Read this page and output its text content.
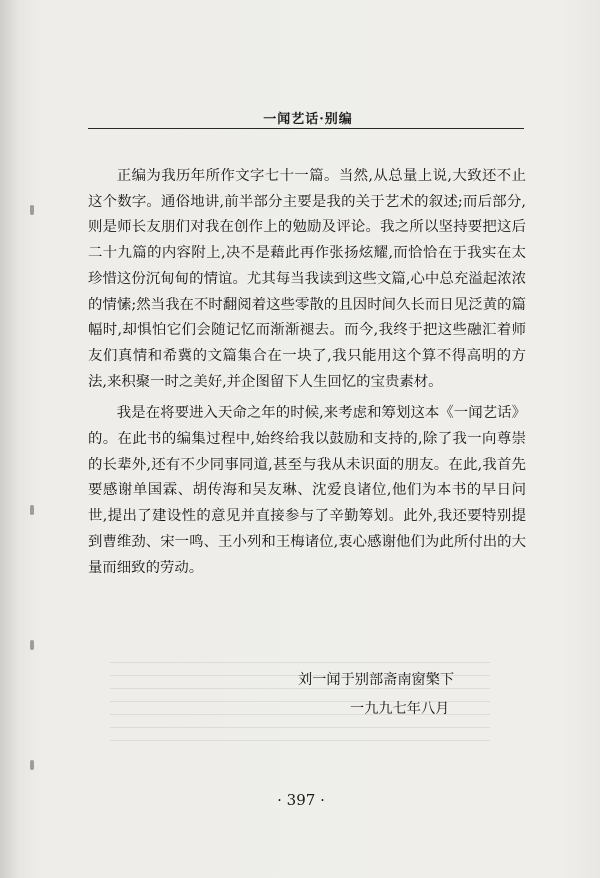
一闻艺话·别编

正编为我历年所作文字七十一篇。当然,从总量上说,大致还不止这个数字。通俗地讲,前半部分主要是我的关于艺术的叙述;而后部分,则是师长友朋们对我在创作上的勉励及评论。我之所以坚持要把这后二十九篇的内容附上,决不是藉此再作张扬炫耀,而恰恰在于我实在太珍惜这份沉甸甸的情谊。尤其每当我读到这些文篇,心中总充溢起浓浓的情愫;然当我在不时翻阅着这些零散的且因时间久长而日见泛黄的篇幅时,却惧怕它们会随记忆而渐渐褪去。而今,我终于把这些融汇着师友们真情和希冀的文篇集合在一块了,我只能用这个算不得高明的方法,来积聚一时之美好,并企图留下人生回忆的宝贵素材。

我是在将要进入天命之年的时候,来考虑和筹划这本《一闻艺话》的。在此书的编集过程中,始终给我以鼓励和支持的,除了我一向尊崇的长辈外,还有不少同事同道,甚至与我从未识面的朋友。在此,我首先要感谢单国霖、胡传海和吴友琳、沈爱良诸位,他们为本书的早日问世,提出了建设性的意见并直接参与了辛勤筹划。此外,我还要特别提到曹维劲、宋一鸣、王小列和王梅诸位,衷心感谢他们为此所付出的大量而细致的劳动。

刘一闻于别部斋南窗檠下
一九九七年八月
· 397 ·
